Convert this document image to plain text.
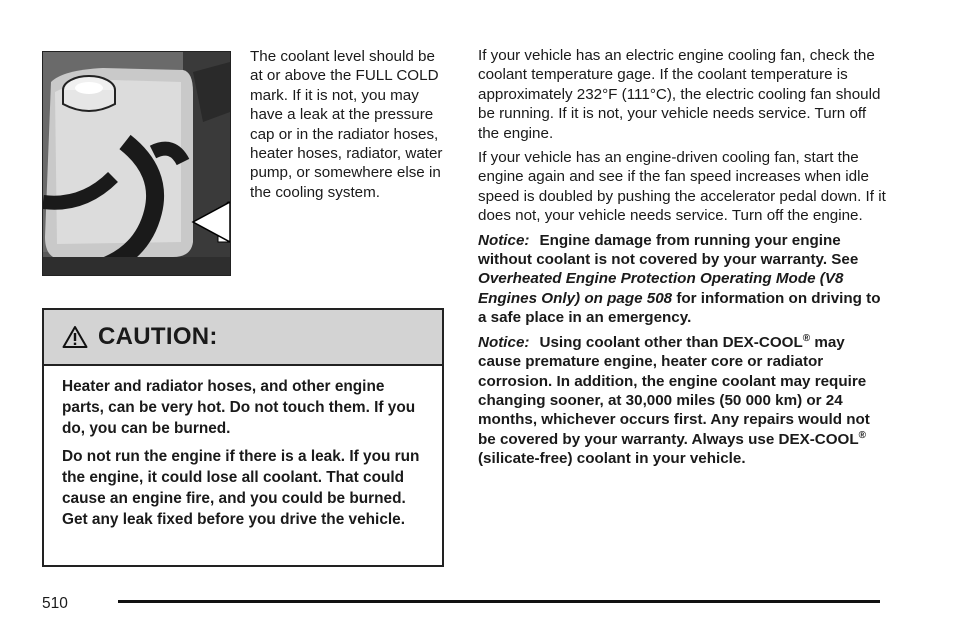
The coolant level should be at or above the FULL COLD mark. If it is not, you may have a leak at the pressure cap or in the radiator hoses, heater hoses, radiator, water pump, or somewhere else in the cooling system.
CAUTION:

Heater and radiator hoses, and other engine parts, can be very hot. Do not touch them. If you do, you can be burned.

Do not run the engine if there is a leak. If you run the engine, it could lose all coolant. That could cause an engine fire, and you could be burned. Get any leak fixed before you drive the vehicle.

If your vehicle has an electric engine cooling fan, check the coolant temperature gage. If the coolant temperature is approximately 232°F (111°C), the electric cooling fan should be running. If it is not, your vehicle needs service. Turn off the engine.

If your vehicle has an engine-driven cooling fan, start the engine again and see if the fan speed increases when idle speed is doubled by pushing the accelerator pedal down. If it does not, your vehicle needs service. Turn off the engine.

Notice: Engine damage from running your engine without coolant is not covered by your warranty. See Overheated Engine Protection Operating Mode (V8 Engines Only) on page 508 for information on driving to a safe place in an emergency.

Notice: Using coolant other than DEX-COOL® may cause premature engine, heater core or radiator corrosion. In addition, the engine coolant may require changing sooner, at 30,000 miles (50 000 km) or 24 months, whichever occurs first. Any repairs would not be covered by your warranty. Always use DEX-COOL® (silicate-free) coolant in your vehicle.

510
